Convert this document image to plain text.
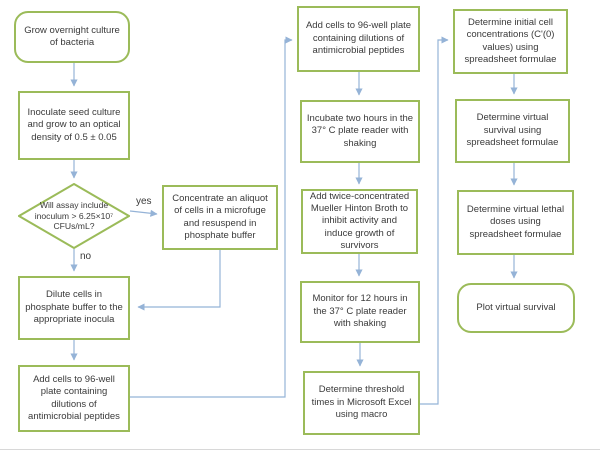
Grow overnight culture of bacteria
Inoculate seed culture and grow to an optical density of 0.5 ± 0.05
Will assay include inoculum > 6.25×10⁷ CFUs/mL?
yes
no
Concentrate an aliquot of cells in a microfuge and resuspend in phosphate buffer
Dilute cells in phosphate buffer to the appropriate inocula
Add cells to 96-well plate containing dilutions of antimicrobial peptides
Add cells to 96-well plate containing dilutions of antimicrobial peptides
Incubate two hours in the 37° C plate reader with shaking
Add twice-concentrated Mueller Hinton Broth to inhibit activity and induce growth of survivors
Monitor for 12 hours in the 37° C plate reader with shaking
Determine threshold times in Microsoft Excel using macro
Determine initial cell concentrations (C'(0) values) using spreadsheet formulae
Determine virtual survival using spreadsheet formulae
Determine virtual lethal doses using spreadsheet formulae
Plot virtual survival
